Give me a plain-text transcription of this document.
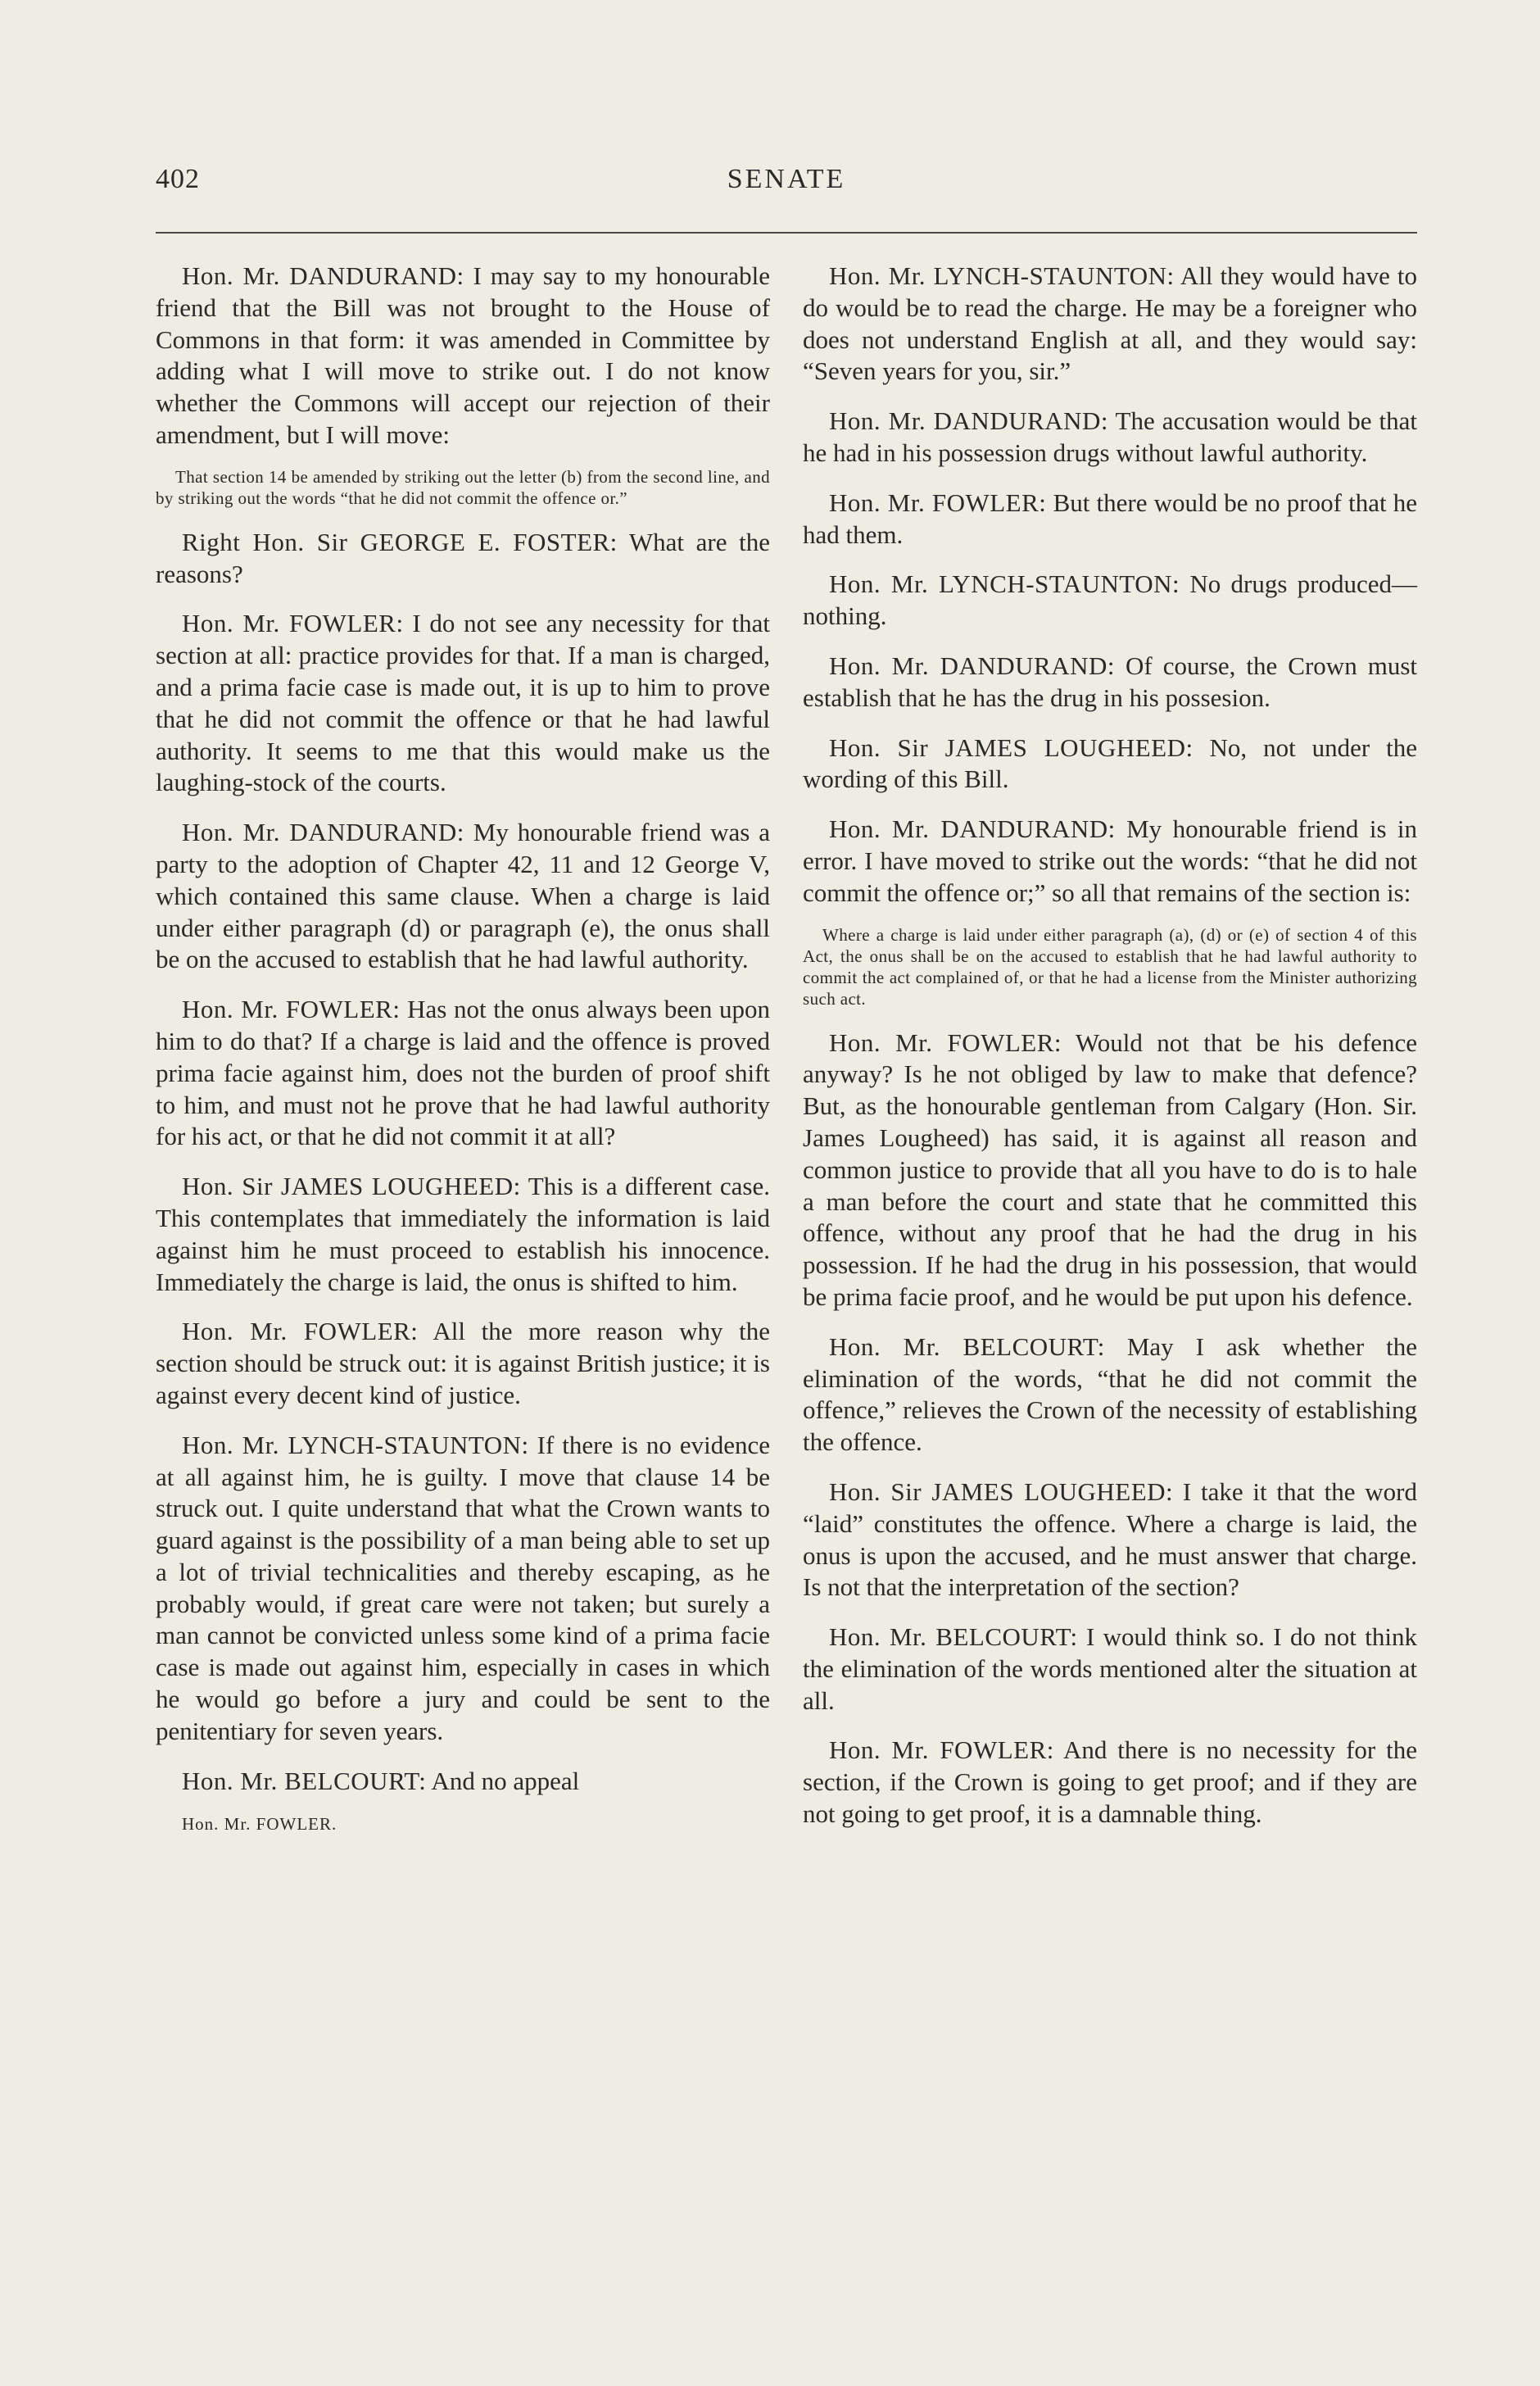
402	SENATE

Hon. Mr. DANDURAND: I may say to my honourable friend that the Bill was not brought to the House of Commons in that form: it was amended in Committee by adding what I will move to strike out. I do not know whether the Commons will accept our rejection of their amendment, but I will move:

That section 14 be amended by striking out the letter (b) from the second line, and by striking out the words “that he did not commit the offence or.”

Right Hon. Sir GEORGE E. FOSTER: What are the reasons?

Hon. Mr. FOWLER: I do not see any necessity for that section at all: practice provides for that. If a man is charged, and a prima facie case is made out, it is up to him to prove that he did not commit the offence or that he had lawful authority. It seems to me that this would make us the laughing-stock of the courts.

Hon. Mr. DANDURAND: My honourable friend was a party to the adoption of Chapter 42, 11 and 12 George V, which contained this same clause. When a charge is laid under either paragraph (d) or paragraph (e), the onus shall be on the accused to establish that he had lawful authority.

Hon. Mr. FOWLER: Has not the onus always been upon him to do that? If a charge is laid and the offence is proved prima facie against him, does not the burden of proof shift to him, and must not he prove that he had lawful authority for his act, or that he did not commit it at all?

Hon. Sir JAMES LOUGHEED: This is a different case. This contemplates that immediately the information is laid against him he must proceed to establish his innocence. Immediately the charge is laid, the onus is shifted to him.

Hon. Mr. FOWLER: All the more reason why the section should be struck out: it is against British justice; it is against every decent kind of justice.

Hon. Mr. LYNCH-STAUNTON: If there is no evidence at all against him, he is guilty. I move that clause 14 be struck out. I quite understand that what the Crown wants to guard against is the possibility of a man being able to set up a lot of trivial technicalities and thereby escaping, as he probably would, if great care were not taken; but surely a man cannot be convicted unless some kind of a prima facie case is made out against him, especially in cases in which he would go before a jury and could be sent to the penitentiary for seven years.

Hon. Mr. BELCOURT: And no appeal

Hon. Mr. FOWLER.

Hon. Mr. LYNCH-STAUNTON: All they would have to do would be to read the charge. He may be a foreigner who does not understand English at all, and they would say: “Seven years for you, sir.”

Hon. Mr. DANDURAND: The accusation would be that he had in his possession drugs without lawful authority.

Hon. Mr. FOWLER: But there would be no proof that he had them.

Hon. Mr. LYNCH-STAUNTON: No drugs produced—nothing.

Hon. Mr. DANDURAND: Of course, the Crown must establish that he has the drug in his possesion.

Hon. Sir JAMES LOUGHEED: No, not under the wording of this Bill.

Hon. Mr. DANDURAND: My honourable friend is in error. I have moved to strike out the words: “that he did not commit the offence or;” so all that remains of the section is:

Where a charge is laid under either paragraph (a), (d) or (e) of section 4 of this Act, the onus shall be on the accused to establish that he had lawful authority to commit the act complained of, or that he had a license from the Minister authorizing such act.

Hon. Mr. FOWLER: Would not that be his defence anyway? Is he not obliged by law to make that defence? But, as the honourable gentleman from Calgary (Hon. Sir. James Lougheed) has said, it is against all reason and common justice to provide that all you have to do is to hale a man before the court and state that he committed this offence, without any proof that he had the drug in his possession. If he had the drug in his possession, that would be prima facie proof, and he would be put upon his defence.

Hon. Mr. BELCOURT: May I ask whether the elimination of the words, “that he did not commit the offence,” relieves the Crown of the necessity of establishing the offence.

Hon. Sir JAMES LOUGHEED: I take it that the word “laid” constitutes the offence. Where a charge is laid, the onus is upon the accused, and he must answer that charge. Is not that the interpretation of the section?

Hon. Mr. BELCOURT: I would think so. I do not think the elimination of the words mentioned alter the situation at all.

Hon. Mr. FOWLER: And there is no necessity for the section, if the Crown is going to get proof; and if they are not going to get proof, it is a damnable thing.
